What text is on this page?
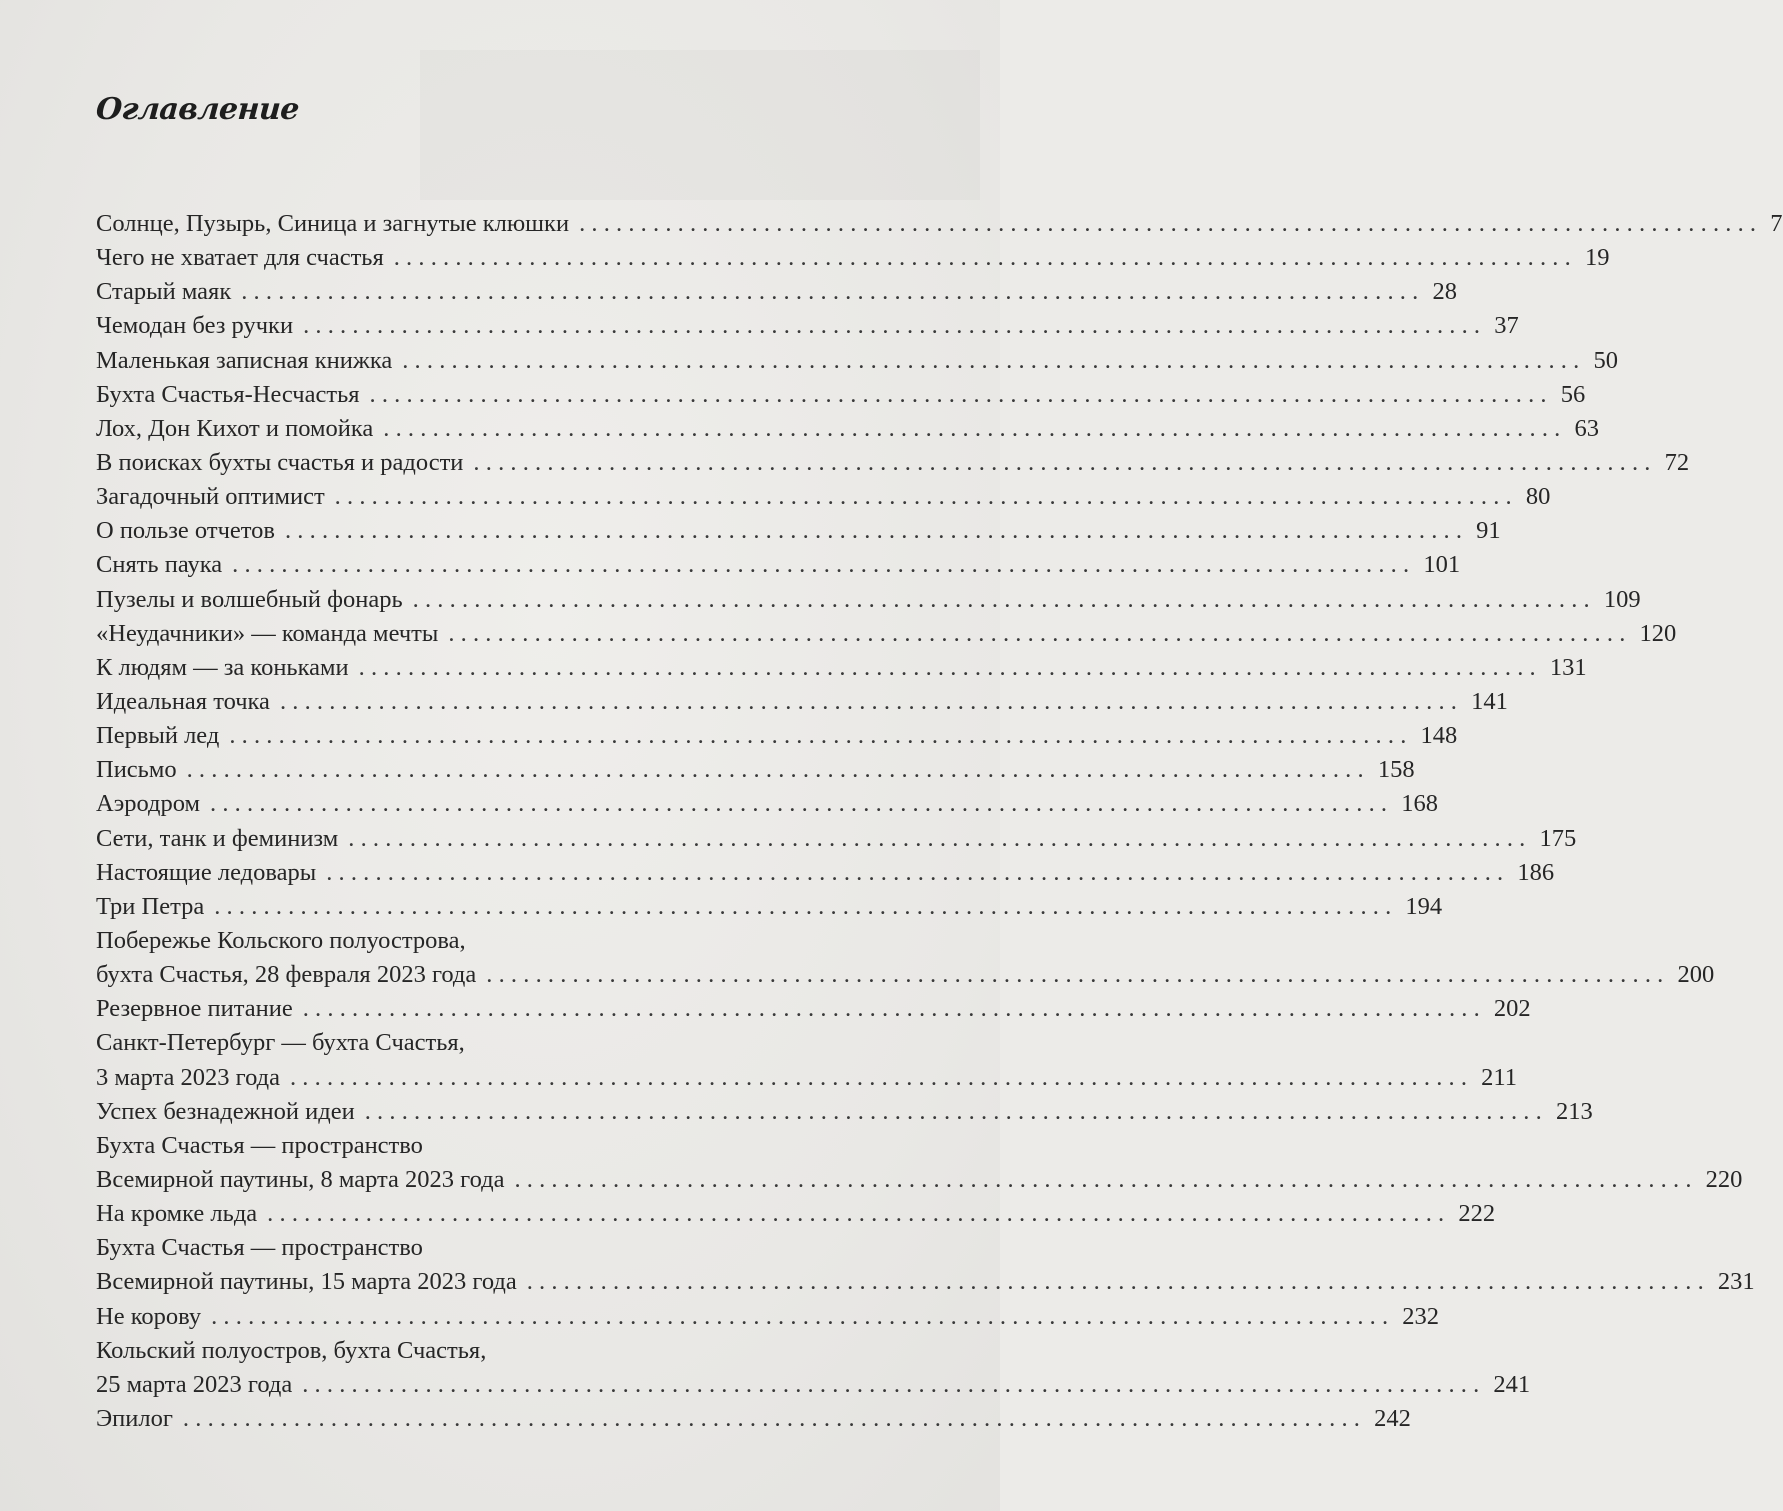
Оглавление
Солнце, Пузырь, Синица и загнутые клюшки ................................................................................................ 7
Чего не хватает для счастья ................................................................................................ 19
Старый маяк ................................................................................................ 28
Чемодан без ручки ................................................................................................ 37
Маленькая записная книжка ................................................................................................ 50
Бухта Счастья-Несчастья ................................................................................................ 56
Лох, Дон Кихот и помойка ................................................................................................ 63
В поисках бухты счастья и радости ................................................................................................ 72
Загадочный оптимист ................................................................................................ 80
О пользе отчетов ................................................................................................ 91
Снять паука ................................................................................................ 101
Пузелы и волшебный фонарь ................................................................................................ 109
«Неудачники» — команда мечты ................................................................................................ 120
К людям — за коньками ................................................................................................ 131
Идеальная точка ................................................................................................ 141
Первый лед ................................................................................................ 148
Письмо ................................................................................................ 158
Аэродром ................................................................................................ 168
Сети, танк и феминизм ................................................................................................ 175
Настоящие ледовары ................................................................................................ 186
Три Петра ................................................................................................ 194
Побережье Кольского полуострова,
бухта Счастья, 28 февраля 2023 года ................................................................................................ 200
Резервное питание ................................................................................................ 202
Санкт-Петербург — бухта Счастья,
3 марта 2023 года ................................................................................................ 211
Успех безнадежной идеи ................................................................................................ 213
Бухта Счастья — пространство
Всемирной паутины, 8 марта 2023 года ................................................................................................ 220
На кромке льда ................................................................................................ 222
Бухта Счастья — пространство
Всемирной паутины, 15 марта 2023 года ................................................................................................ 231
Не корову ................................................................................................ 232
Кольский полуостров, бухта Счастья,
25 марта 2023 года ................................................................................................ 241
Эпилог ................................................................................................ 242
